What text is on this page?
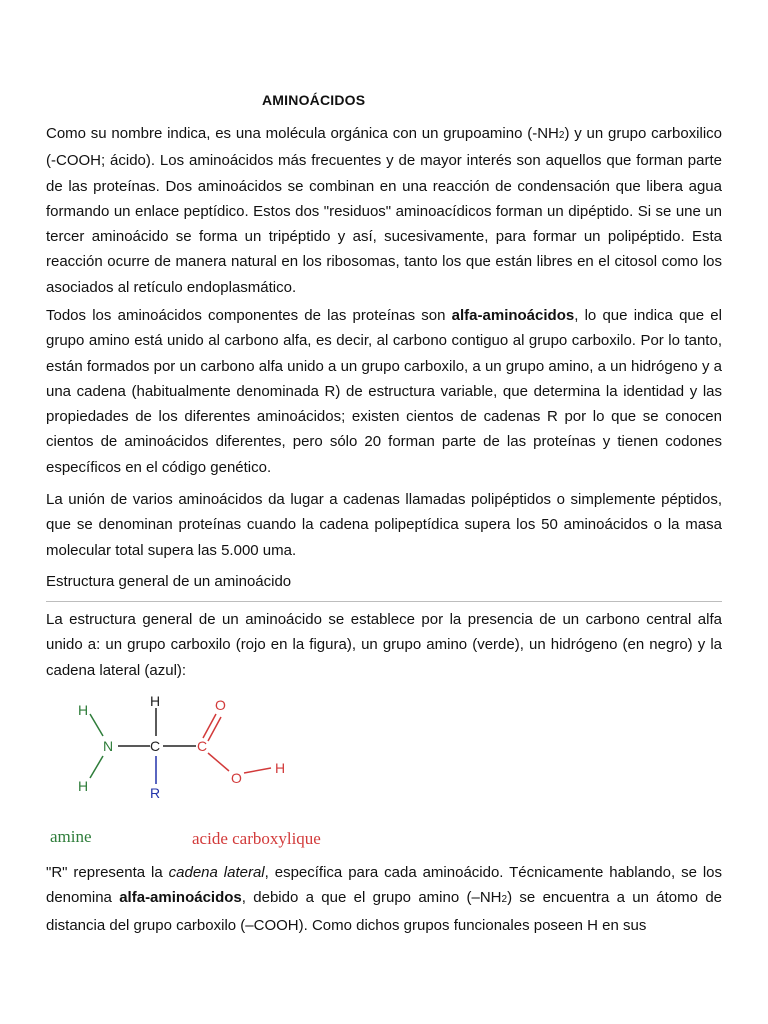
AMINOÁCIDOS

Como su nombre indica, es una molécula orgánica con un grupoamino (-NH2) y un grupo carboxilico (-COOH; ácido). Los aminoácidos más frecuentes y de mayor interés son aquellos que forman parte de las proteínas. Dos aminoácidos se combinan en una reacción de condensación que libera agua formando un enlace peptídico. Estos dos "residuos" aminoacídicos forman un dipéptido. Si se une un tercer aminoácido se forma un tripéptido y así, sucesivamente, para formar un polipéptido. Esta reacción ocurre de manera natural en los ribosomas, tanto los que están libres en el citosol como los asociados al retículo endoplasmático.

Todos los aminoácidos componentes de las proteínas son alfa-aminoácidos, lo que indica que el grupo amino está unido al carbono alfa, es decir, al carbono contiguo al grupo carboxilo. Por lo tanto, están formados por un carbono alfa unido a un grupo carboxilo, a un grupo amino, a un hidrógeno y a una cadena (habitualmente denominada R) de estructura variable, que determina la identidad y las propiedades de los diferentes aminoácidos; existen cientos de cadenas R por lo que se conocen cientos de aminoácidos diferentes, pero sólo 20 forman parte de las proteínas y tienen codones específicos en el código genético.

La unión de varios aminoácidos da lugar a cadenas llamadas polipéptidos o simplemente péptidos, que se denominan proteínas cuando la cadena polipeptídica supera los 50 aminoácidos o la masa molecular total supera las 5.000 uma.

Estructura general de un aminoácido

La estructura general de un aminoácido se establece por la presencia de un carbono central alfa unido a: un grupo carboxilo (rojo en la figura), un grupo amino (verde), un hidrógeno (en negro) y la cadena lateral (azul):

H
N
H
H
C
R
C
O
O
H
amine	acide carboxylique

"R" representa la cadena lateral, específica para cada aminoácido. Técnicamente hablando, se los denomina alfa-aminoácidos, debido a que el grupo amino (–NH2) se encuentra a un átomo de distancia del grupo carboxilo (–COOH). Como dichos grupos funcionales poseen H en sus
